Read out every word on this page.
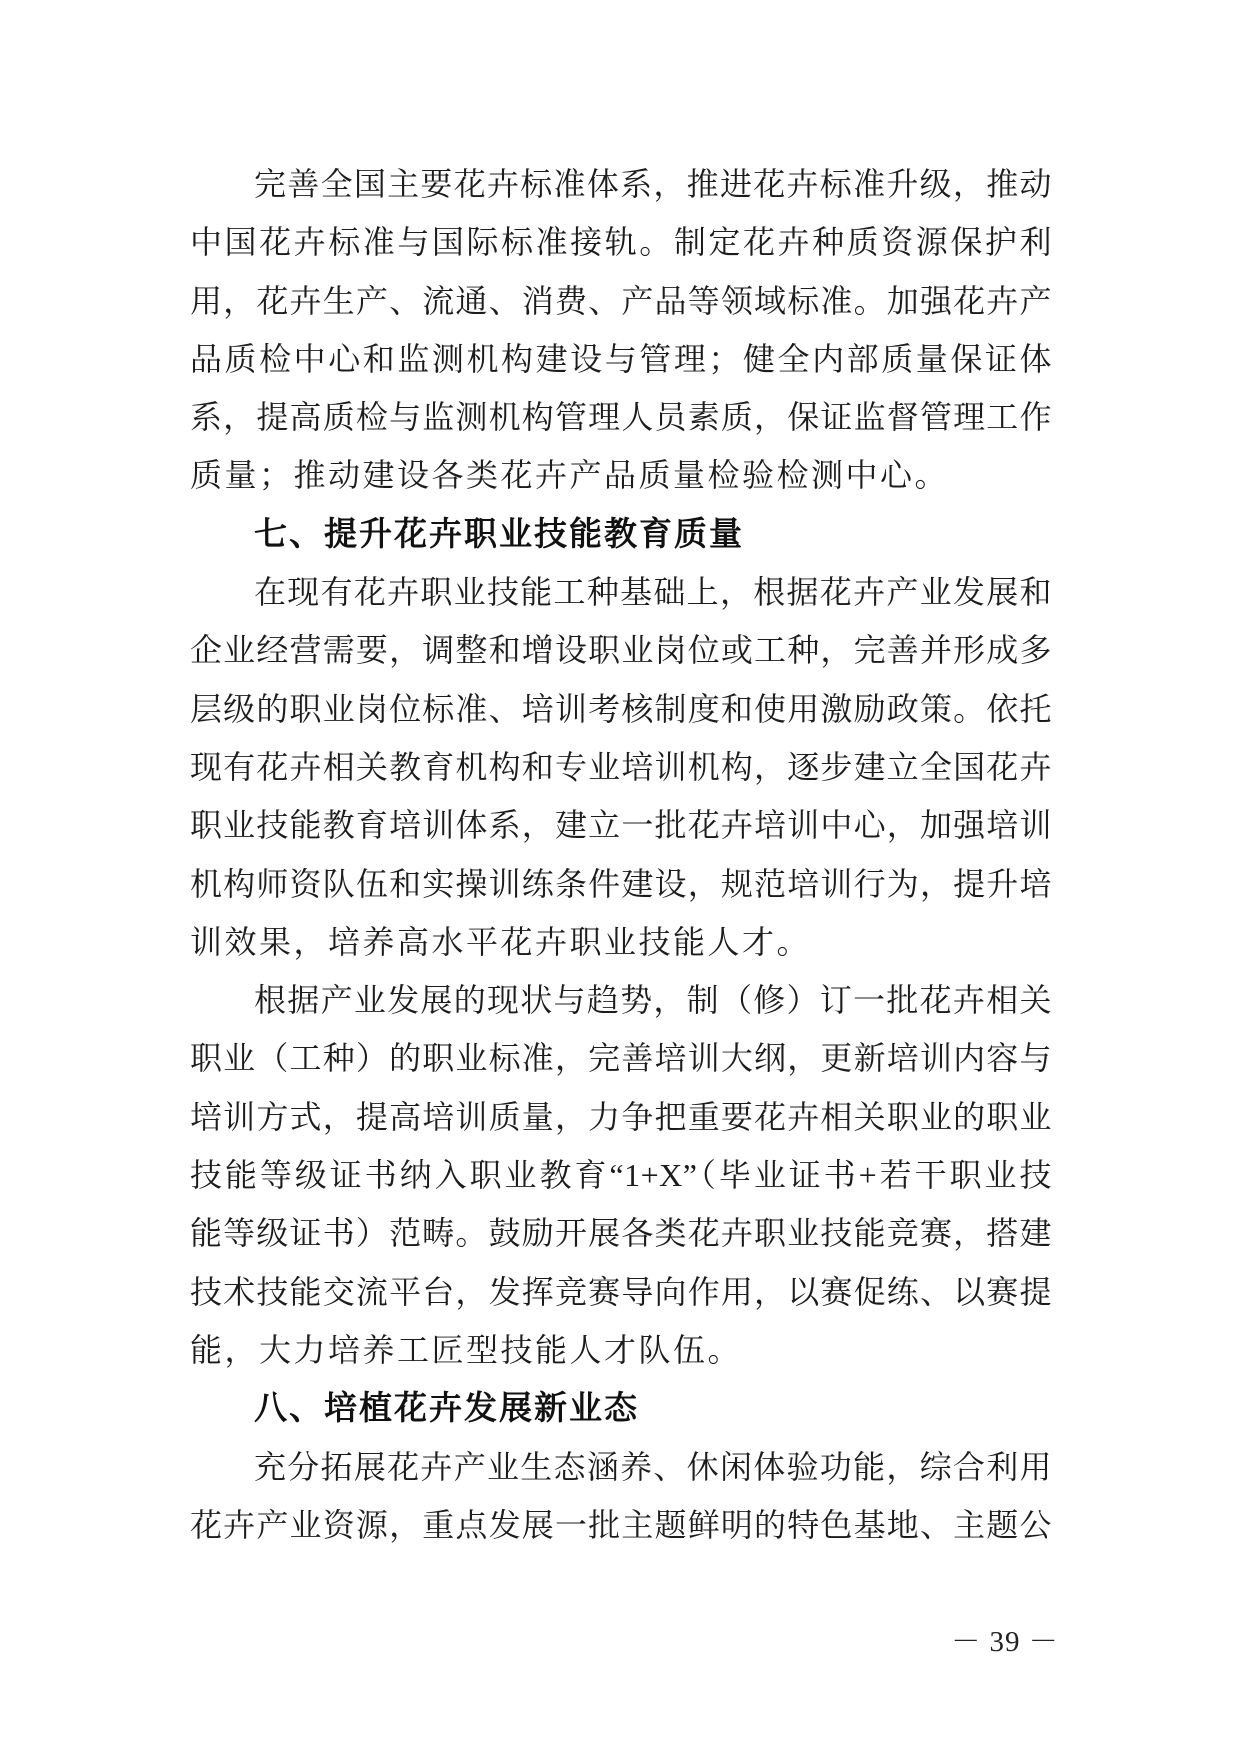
完善全国主要花卉标准体系，推进花卉标准升级，推动
中国花卉标准与国际标准接轨。制定花卉种质资源保护利
用，花卉生产、流通、消费、产品等领域标准。加强花卉产
品质检中心和监测机构建设与管理；健全内部质量保证体
系，提高质检与监测机构管理人员素质，保证监督管理工作
质量；推动建设各类花卉产品质量检验检测中心。
七、提升花卉职业技能教育质量
在现有花卉职业技能工种基础上，根据花卉产业发展和
企业经营需要，调整和增设职业岗位或工种，完善并形成多
层级的职业岗位标准、培训考核制度和使用激励政策。依托
现有花卉相关教育机构和专业培训机构，逐步建立全国花卉
职业技能教育培训体系，建立一批花卉培训中心，加强培训
机构师资队伍和实操训练条件建设，规范培训行为，提升培
训效果，培养高水平花卉职业技能人才。
根据产业发展的现状与趋势，制（修）订一批花卉相关
职业（工种）的职业标准，完善培训大纲，更新培训内容与
培训方式，提高培训质量，力争把重要花卉相关职业的职业
技能等级证书纳入职业教育“1+X”（毕业证书+若干职业技
能等级证书）范畴。鼓励开展各类花卉职业技能竞赛，搭建
技术技能交流平台，发挥竞赛导向作用，以赛促练、以赛提
能，大力培养工匠型技能人才队伍。
八、培植花卉发展新业态
充分拓展花卉产业生态涵养、休闲体验功能，综合利用
花卉产业资源，重点发展一批主题鲜明的特色基地、主题公
－ 39 －
